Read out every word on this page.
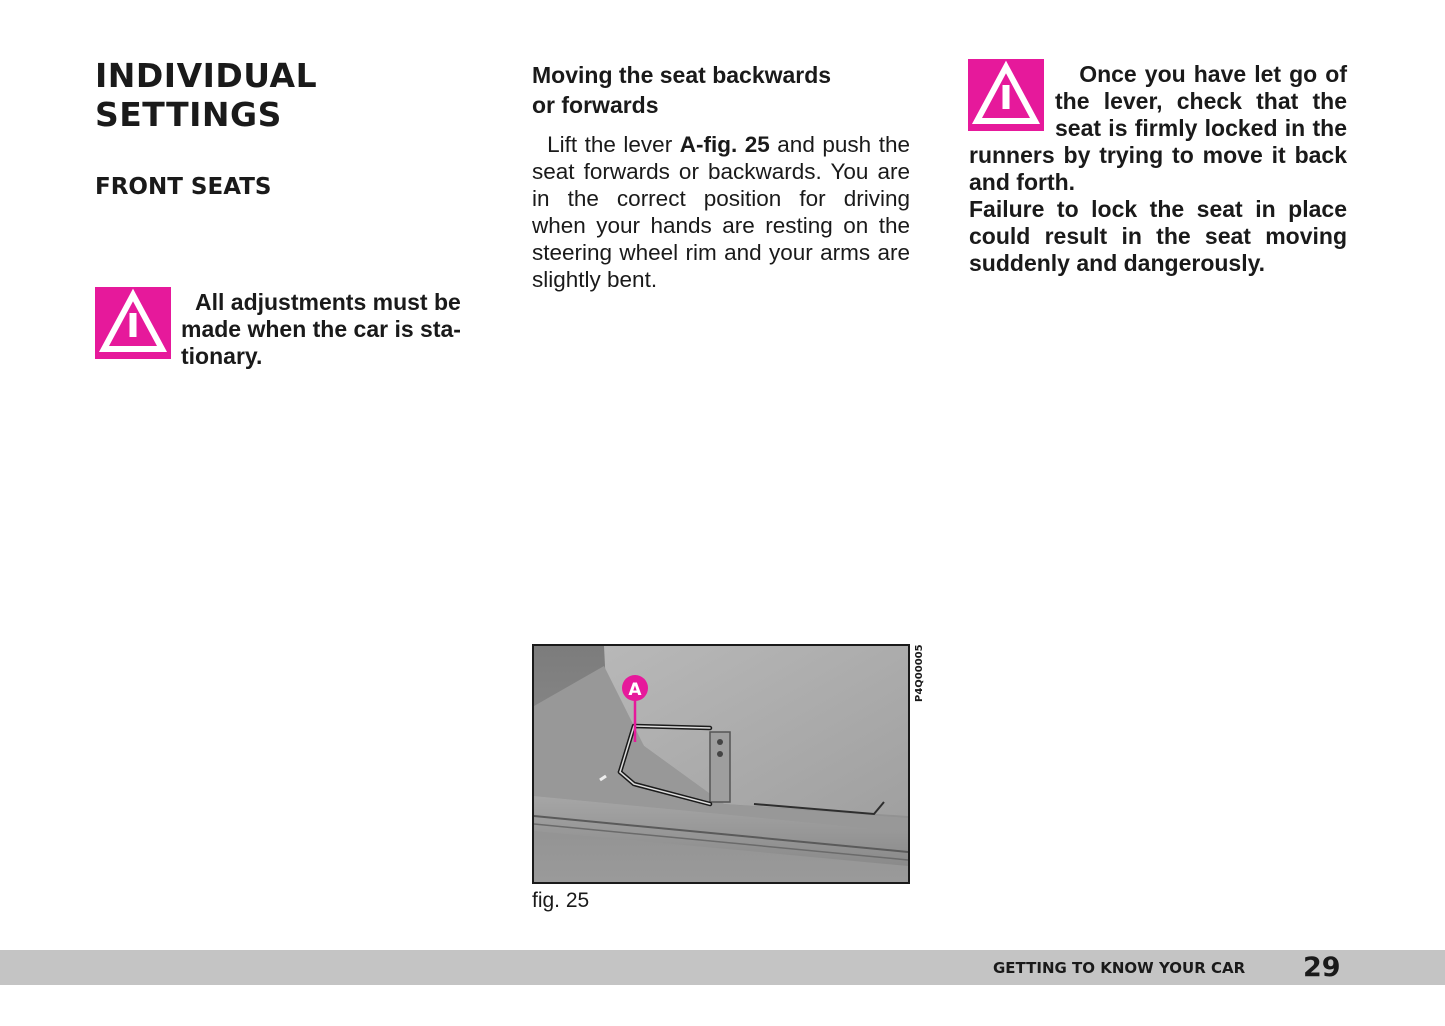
INDIVIDUAL
SETTINGS
FRONT SEATS
All adjustments must be made when the car is sta- tionary.
Moving the seat backwards
or forwards
Lift the lever A-fig. 25 and push the seat forwards or backwards. You are in the correct position for driving when your hands are resting on the steering wheel rim and your arms are slightly bent.
A	P4Q00005
fig. 25

Once you have let go of the lever, check that the seat is firmly locked in the runners by trying to move it back and forth.

Failure to lock the seat in place could result in the seat moving suddenly and dangerously.

GETTING TO KNOW YOUR CAR 29
